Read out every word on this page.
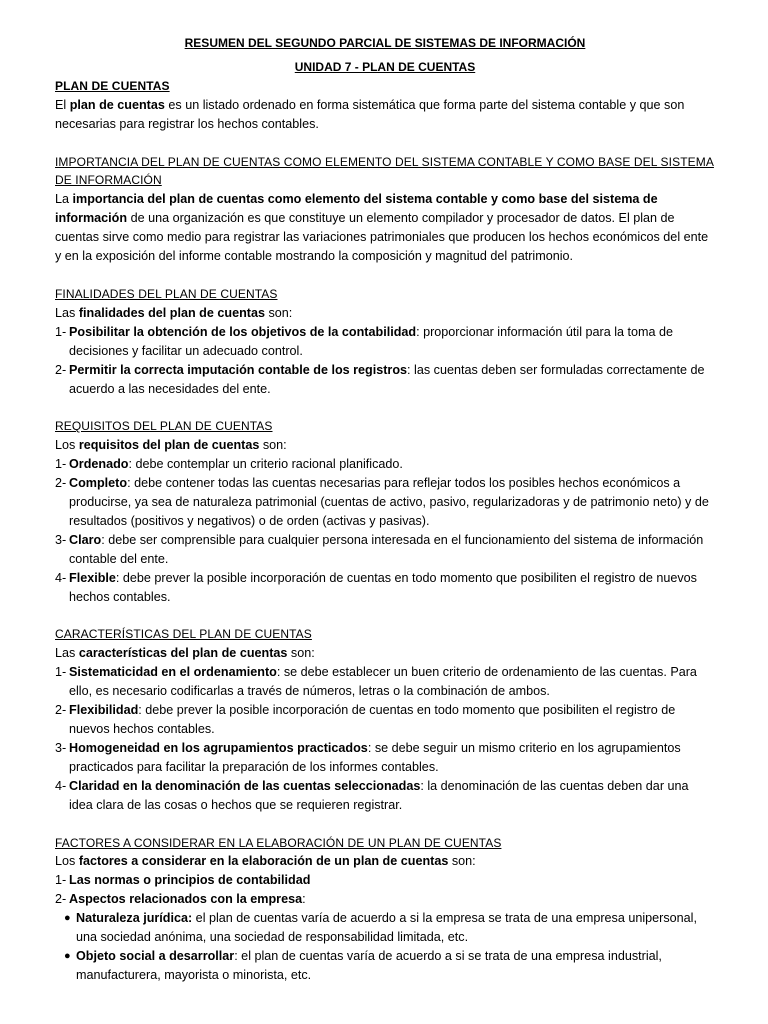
RESUMEN DEL SEGUNDO PARCIAL DE SISTEMAS DE INFORMACIÓN

UNIDAD 7 - PLAN DE CUENTAS

PLAN DE CUENTAS

El plan de cuentas es un listado ordenado en forma sistemática que forma parte del sistema contable y que son necesarias para registrar los hechos contables.

IMPORTANCIA DEL PLAN DE CUENTAS COMO ELEMENTO DEL SISTEMA CONTABLE Y COMO BASE DEL SISTEMA DE INFORMACIÓN

La importancia del plan de cuentas como elemento del sistema contable y como base del sistema de información de una organización es que constituye un elemento compilador y procesador de datos. El plan de cuentas sirve como medio para registrar las variaciones patrimoniales que producen los hechos económicos del ente y en la exposición del informe contable mostrando la composición y magnitud del patrimonio.

FINALIDADES DEL PLAN DE CUENTAS

Las finalidades del plan de cuentas son:

1- Posibilitar la obtención de los objetivos de la contabilidad: proporcionar información útil para la toma de decisiones y facilitar un adecuado control.
2- Permitir la correcta imputación contable de los registros: las cuentas deben ser formuladas correctamente de acuerdo a las necesidades del ente.

REQUISITOS DEL PLAN DE CUENTAS

Los requisitos del plan de cuentas son:

1- Ordenado: debe contemplar un criterio racional planificado.
2- Completo: debe contener todas las cuentas necesarias para reflejar todos los posibles hechos económicos a producirse, ya sea de naturaleza patrimonial (cuentas de activo, pasivo, regularizadoras y de patrimonio neto) y de resultados (positivos y negativos) o de orden (activas y pasivas).
3- Claro: debe ser comprensible para cualquier persona interesada en el funcionamiento del sistema de información contable del ente.
4- Flexible: debe prever la posible incorporación de cuentas en todo momento que posibiliten el registro de nuevos hechos contables.

CARACTERÍSTICAS DEL PLAN DE CUENTAS

Las características del plan de cuentas son:

1- Sistematicidad en el ordenamiento: se debe establecer un buen criterio de ordenamiento de las cuentas. Para ello, es necesario codificarlas a través de números, letras o la combinación de ambos.
2- Flexibilidad: debe prever la posible incorporación de cuentas en todo momento que posibiliten el registro de nuevos hechos contables.
3- Homogeneidad en los agrupamientos practicados: se debe seguir un mismo criterio en los agrupamientos practicados para facilitar la preparación de los informes contables.
4- Claridad en la denominación de las cuentas seleccionadas: la denominación de las cuentas deben dar una idea clara de las cosas o hechos que se requieren registrar.

FACTORES A CONSIDERAR EN LA ELABORACIÓN DE UN PLAN DE CUENTAS

Los factores a considerar en la elaboración de un plan de cuentas son:

1- Las normas o principios de contabilidad
2- Aspectos relacionados con la empresa:
● Naturaleza jurídica: el plan de cuentas varía de acuerdo a si la empresa se trata de una empresa unipersonal, una sociedad anónima, una sociedad de responsabilidad limitada, etc.
● Objeto social a desarrollar: el plan de cuentas varía de acuerdo a si se trata de una empresa industrial, manufacturera, mayorista o minorista, etc.
